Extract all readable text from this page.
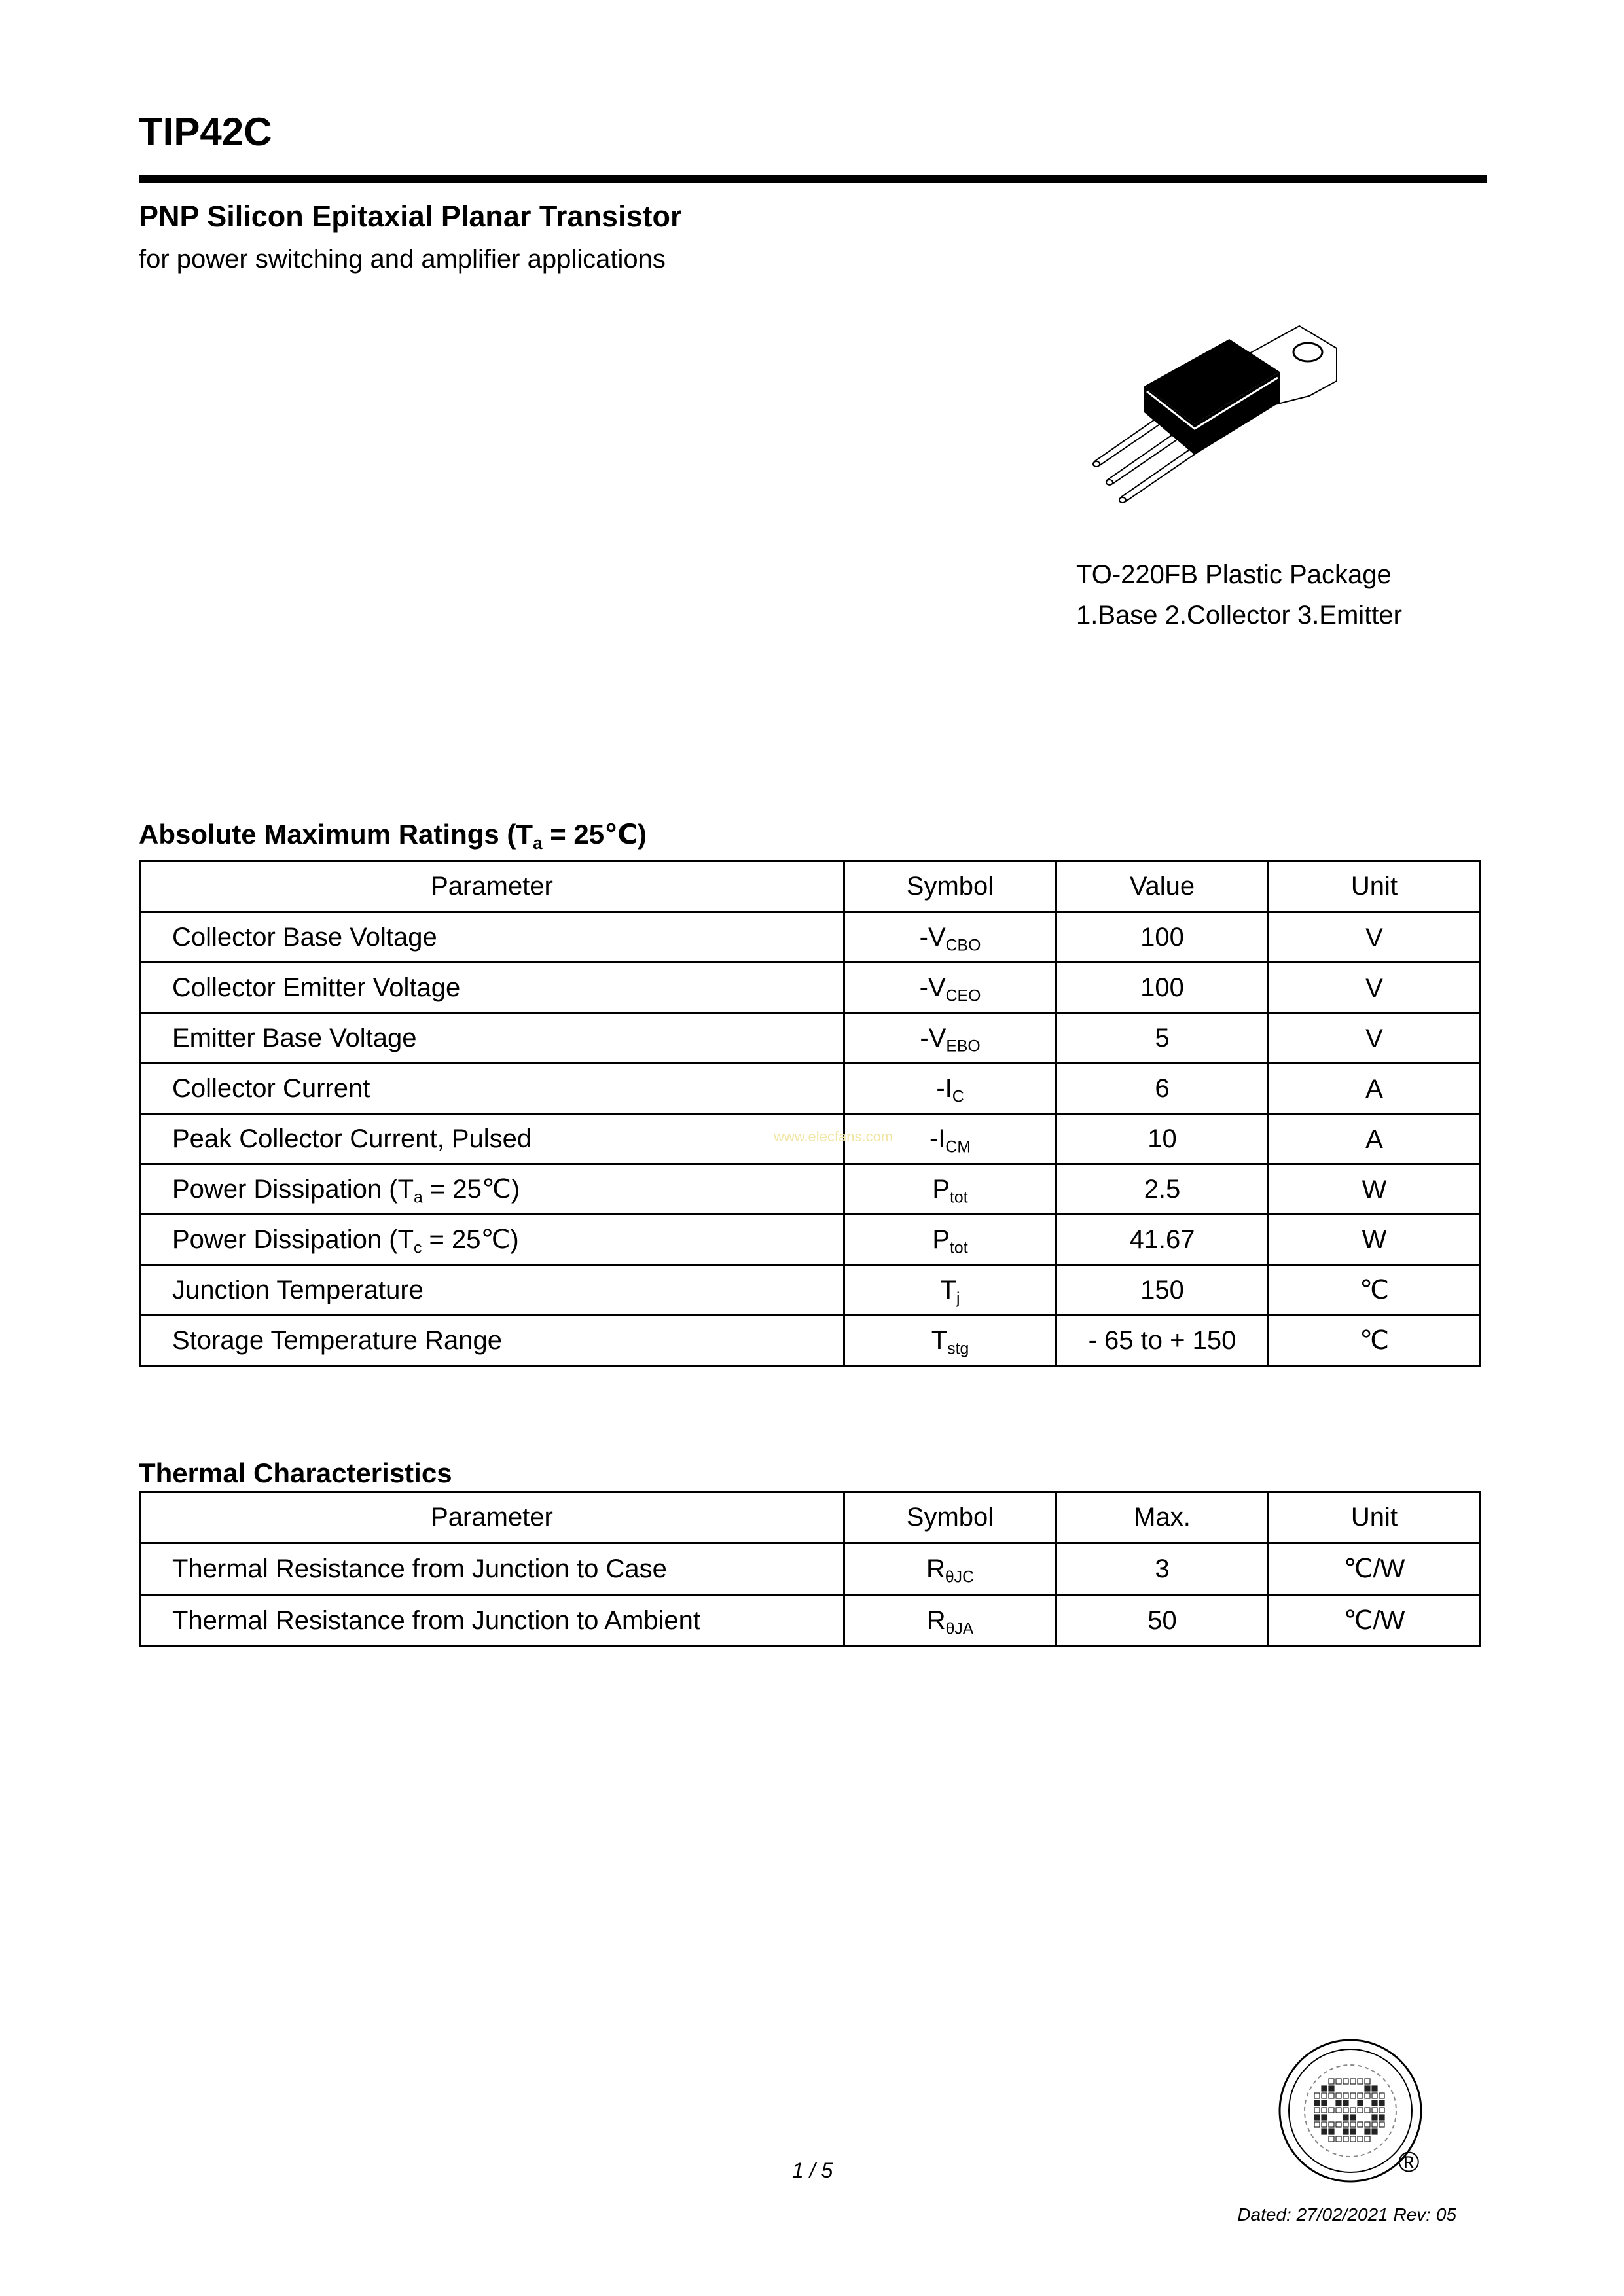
TIP42C
PNP Silicon Epitaxial Planar Transistor
for power switching and amplifier applications
TO-220FB Plastic Package
1.Base 2.Collector 3.Emitter
Absolute Maximum Ratings ($T_a$ = 25℃)
Parameter	Symbol	Value	Unit
Collector Base Voltage	$-V_{CBO}$	100	V
Collector Emitter Voltage	$-V_{CEO}$	100	V
Emitter Base Voltage	$-V_{EBO}$	5	V
Collector Current	$-I_C$	6	A
Peak Collector Current, Pulsed	$-I_{CM}$	10	A
Power Dissipation ($T_a$ = 25℃)	$P_{tot}$	2.5	W
Power Dissipation ($T_c$ = 25℃)	$P_{tot}$	41.67	W
Junction Temperature	$T_j$	150	℃
Storage Temperature Range	$T_{stg}$	- 65 to + 150	℃
www.elecfans.com
Thermal Characteristics
Parameter	Symbol	Max.	Unit
Thermal Resistance from Junction to Case	$R_{\theta JC}$	3	℃/W
Thermal Resistance from Junction to Ambient	$R_{\theta JA}$	50	℃/W
®
1 / 5
Dated: 27/02/2021 Rev: 05
